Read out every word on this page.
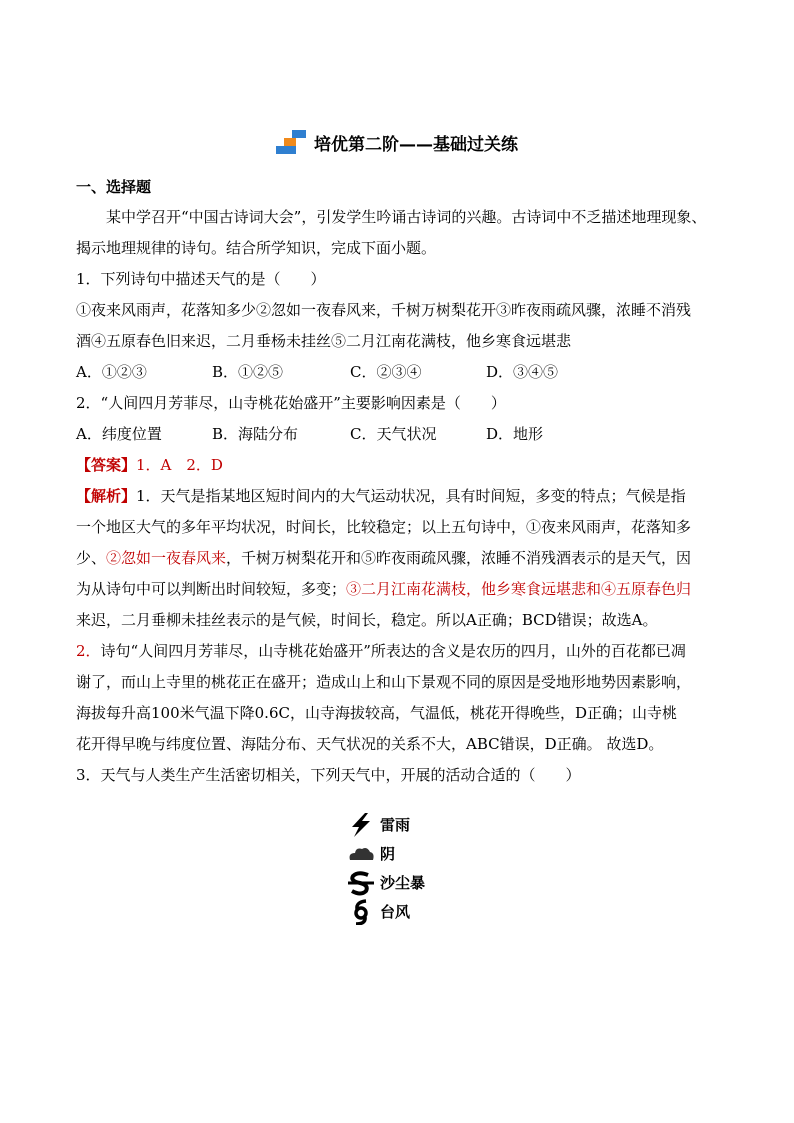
培优第二阶——基础过关练
一、选择题
某中学召开“中国古诗词大会”，引发学生吟诵古诗词的兴趣。古诗词中不乏描述地理现象、
揭示地理规律的诗句。结合所学知识，完成下面小题。
1．下列诗句中描述天气的是（　　）
①夜来风雨声，花落知多少②忽如一夜春风来，千树万树梨花开③昨夜雨疏风骤，浓睡不消残
酒④五原春色旧来迟，二月垂杨未挂丝⑤二月江南花满枝，他乡寒食远堪悲
A．①②③	B．①②⑤	C．②③④	D．③④⑤
2．“人间四月芳菲尽，山寺桃花始盛开”主要影响因素是（　　）
A．纬度位置	B．海陆分布	C．天气状况	D．地形
【答案】1．A　2．D
【解析】1．天气是指某地区短时间内的大气运动状况，具有时间短，多变的特点；气候是指
一个地区大气的多年平均状况，时间长，比较稳定；以上五句诗中，①夜来风雨声，花落知多
少、②忽如一夜春风来，千树万树梨花开和⑤昨夜雨疏风骤，浓睡不消残酒表示的是天气，因
为从诗句中可以判断出时间较短，多变；③二月江南花满枝，他乡寒食远堪悲和④五原春色归
来迟，二月垂柳未挂丝表示的是气候，时间长，稳定。所以A正确；BCD错误；故选A。
2．诗句“人间四月芳菲尽，山寺桃花始盛开”所表达的含义是农历的四月，山外的百花都已凋
谢了，而山上寺里的桃花正在盛开；造成山上和山下景观不同的原因是受地形地势因素影响，
海拔每升高100米气温下降0.6C，山寺海拔较高，气温低，桃花开得晚些，D正确；山寺桃
花开得早晚与纬度位置、海陆分布、天气状况的关系不大，ABC错误，D正确。 故选D。
3．天气与人类生产生活密切相关，下列天气中，开展的活动合适的（　　）
雷雨
阴
沙尘暴
台风
